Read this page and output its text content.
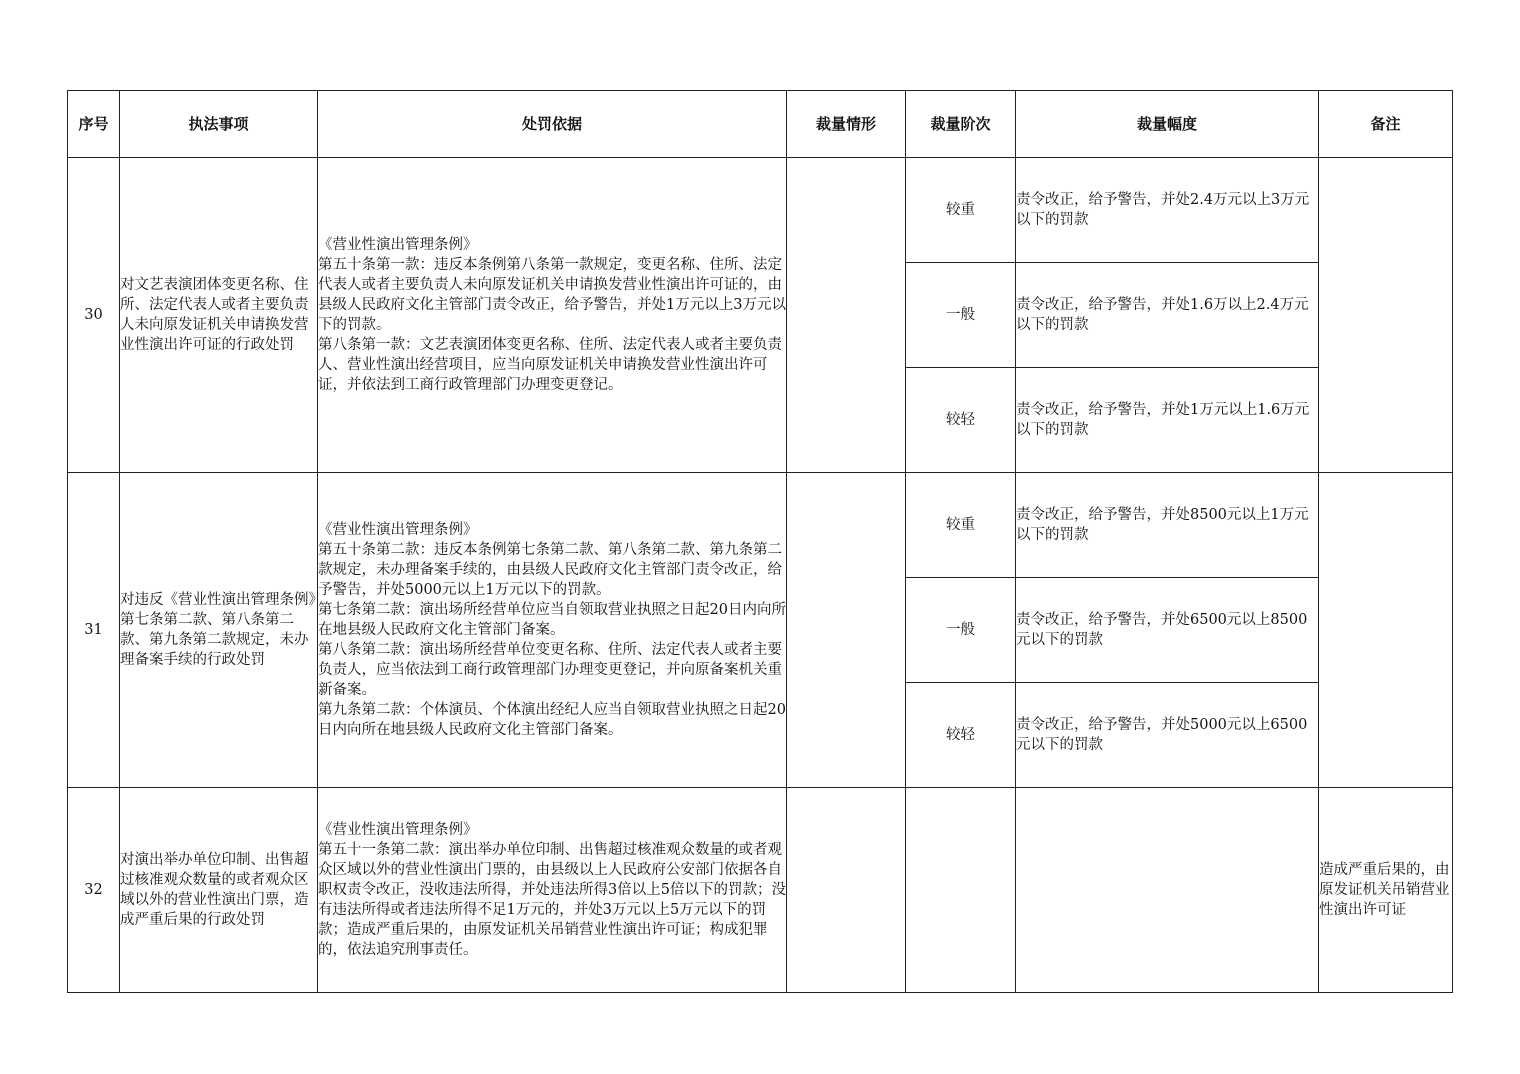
序号	执法事项	处罚依据	裁量情形	裁量阶次	裁量幅度	备注
30	对文艺表演团体变更名称、住所、法定代表人或者主要负责人未向原发证机关申请换发营业性演出许可证的行政处罚	《营业性演出管理条例》
第五十条第一款：违反本条例第八条第一款规定，变更名称、住所、法定代表人或者主要负责人未向原发证机关申请换发营业性演出许可证的，由县级人民政府文化主管部门责令改正，给予警告，并处1万元以上3万元以下的罚款。
第八条第一款：文艺表演团体变更名称、住所、法定代表人或者主要负责人、营业性演出经营项目，应当向原发证机关申请换发营业性演出许可证，并依法到工商行政管理部门办理变更登记。		较重	责令改正，给予警告，并处2.4万元以上3万元以下的罚款	
				一般	责令改正，给予警告，并处1.6万以上2.4万元以下的罚款	
				较轻	责令改正，给予警告，并处1万元以上1.6万元以下的罚款	
31	对违反《营业性演出管理条例》第七条第二款、第八条第二款、第九条第二款规定，未办理备案手续的行政处罚	《营业性演出管理条例》
第五十条第二款：违反本条例第七条第二款、第八条第二款、第九条第二款规定，未办理备案手续的，由县级人民政府文化主管部门责令改正，给予警告，并处5000元以上1万元以下的罚款。
第七条第二款：演出场所经营单位应当自领取营业执照之日起20日内向所在地县级人民政府文化主管部门备案。
第八条第二款：演出场所经营单位变更名称、住所、法定代表人或者主要负责人，应当依法到工商行政管理部门办理变更登记，并向原备案机关重新备案。
第九条第二款：个体演员、个体演出经纪人应当自领取营业执照之日起20日内向所在地县级人民政府文化主管部门备案。		较重	责令改正，给予警告，并处8500元以上1万元以下的罚款	
				一般	责令改正，给予警告，并处6500元以上8500元以下的罚款	
				较轻	责令改正，给予警告，并处5000元以上6500元以下的罚款	
32	对演出举办单位印制、出售超过核准观众数量的或者观众区域以外的营业性演出门票，造成严重后果的行政处罚	《营业性演出管理条例》
第五十一条第二款：演出举办单位印制、出售超过核准观众数量的或者观众区域以外的营业性演出门票的，由县级以上人民政府公安部门依据各自职权责令改正，没收违法所得，并处违法所得3倍以上5倍以下的罚款；没有违法所得或者违法所得不足1万元的，并处3万元以上5万元以下的罚款；造成严重后果的，由原发证机关吊销营业性演出许可证；构成犯罪的，依法追究刑事责任。				造成严重后果的，由原发证机关吊销营业性演出许可证
